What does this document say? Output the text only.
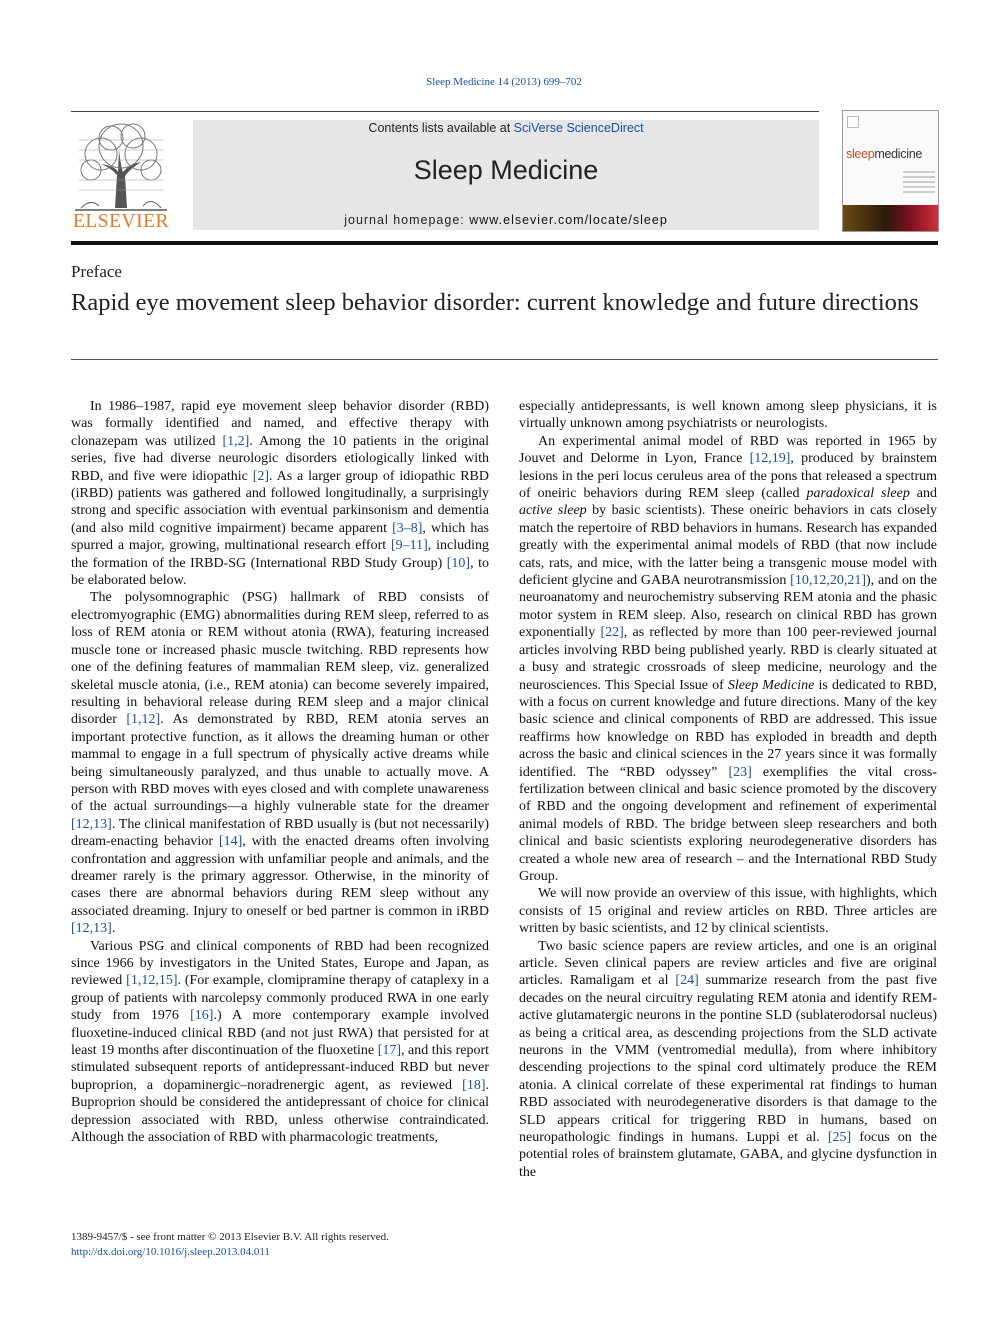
Sleep Medicine 14 (2013) 699–702
ELSEVIER
Contents lists available at SciVerse ScienceDirect
Sleep Medicine
journal homepage: www.elsevier.com/locate/sleep
sleepmedicine
Preface
Rapid eye movement sleep behavior disorder: current knowledge and future directions

In 1986–1987, rapid eye movement sleep behavior disorder (RBD) was formally identified and named, and effective therapy with clonazepam was utilized [1,2]. Among the 10 patients in the original series, five had diverse neurologic disorders etiologically linked with RBD, and five were idiopathic [2]. As a larger group of idiopathic RBD (iRBD) patients was gathered and followed longitudinally, a surprisingly strong and specific association with eventual parkinsonism and dementia (and also mild cognitive impairment) became apparent [3–8], which has spurred a major, growing, multinational research effort [9–11], including the formation of the IRBD-SG (International RBD Study Group) [10], to be elaborated below.

The polysomnographic (PSG) hallmark of RBD consists of electromyographic (EMG) abnormalities during REM sleep, referred to as loss of REM atonia or REM without atonia (RWA), featuring increased muscle tone or increased phasic muscle twitching. RBD represents how one of the defining features of mammalian REM sleep, viz. generalized skeletal muscle atonia, (i.e., REM atonia) can become severely impaired, resulting in behavioral release during REM sleep and a major clinical disorder [1,12]. As demonstrated by RBD, REM atonia serves an important protective function, as it allows the dreaming human or other mammal to engage in a full spectrum of physically active dreams while being simultaneously paralyzed, and thus unable to actually move. A person with RBD moves with eyes closed and with complete unawareness of the actual surroundings—a highly vulnerable state for the dreamer [12,13]. The clinical manifestation of RBD usually is (but not necessarily) dream-enacting behavior [14], with the enacted dreams often involving confrontation and aggression with unfamiliar people and animals, and the dreamer rarely is the primary aggressor. Otherwise, in the minority of cases there are abnormal behaviors during REM sleep without any associated dreaming. Injury to oneself or bed partner is common in iRBD [12,13].

Various PSG and clinical components of RBD had been recognized since 1966 by investigators in the United States, Europe and Japan, as reviewed [1,12,15]. (For example, clomipramine therapy of cataplexy in a group of patients with narcolepsy commonly produced RWA in one early study from 1976 [16].) A more contemporary example involved fluoxetine-induced clinical RBD (and not just RWA) that persisted for at least 19 months after discontinuation of the fluoxetine [17], and this report stimulated subsequent reports of antidepressant-induced RBD but never buproprion, a dopaminergic–noradrenergic agent, as reviewed [18]. Buproprion should be considered the antidepressant of choice for clinical depression associated with RBD, unless otherwise contraindicated. Although the association of RBD with pharmacologic treatments,

especially antidepressants, is well known among sleep physicians, it is virtually unknown among psychiatrists or neurologists.

An experimental animal model of RBD was reported in 1965 by Jouvet and Delorme in Lyon, France [12,19], produced by brainstem lesions in the peri locus ceruleus area of the pons that released a spectrum of oneiric behaviors during REM sleep (called paradoxical sleep and active sleep by basic scientists). These oneiric behaviors in cats closely match the repertoire of RBD behaviors in humans. Research has expanded greatly with the experimental animal models of RBD (that now include cats, rats, and mice, with the latter being a transgenic mouse model with deficient glycine and GABA neurotransmission [10,12,20,21]), and on the neuroanatomy and neurochemistry subserving REM atonia and the phasic motor system in REM sleep. Also, research on clinical RBD has grown exponentially [22], as reflected by more than 100 peer-reviewed journal articles involving RBD being published yearly. RBD is clearly situated at a busy and strategic crossroads of sleep medicine, neurology and the neurosciences. This Special Issue of Sleep Medicine is dedicated to RBD, with a focus on current knowledge and future directions. Many of the key basic science and clinical components of RBD are addressed. This issue reaffirms how knowledge on RBD has exploded in breadth and depth across the basic and clinical sciences in the 27 years since it was formally identified. The “RBD odyssey” [23] exemplifies the vital cross-fertilization between clinical and basic science promoted by the discovery of RBD and the ongoing development and refinement of experimental animal models of RBD. The bridge between sleep researchers and both clinical and basic scientists exploring neurodegenerative disorders has created a whole new area of research – and the International RBD Study Group.

We will now provide an overview of this issue, with highlights, which consists of 15 original and review articles on RBD. Three articles are written by basic scientists, and 12 by clinical scientists.

Two basic science papers are review articles, and one is an original article. Seven clinical papers are review articles and five are original articles. Ramaligam et al [24] summarize research from the past five decades on the neural circuitry regulating REM atonia and identify REM-active glutamatergic neurons in the pontine SLD (sublaterodorsal nucleus) as being a critical area, as descending projections from the SLD activate neurons in the VMM (ventromedial medulla), from where inhibitory descending projections to the spinal cord ultimately produce the REM atonia. A clinical correlate of these experimental rat findings to human RBD associated with neurodegenerative disorders is that damage to the SLD appears critical for triggering RBD in humans, based on neuropathologic findings in humans. Luppi et al. [25] focus on the potential roles of brainstem glutamate, GABA, and glycine dysfunction in the

1389-9457/$ - see front matter © 2013 Elsevier B.V. All rights reserved.
http://dx.doi.org/10.1016/j.sleep.2013.04.011
